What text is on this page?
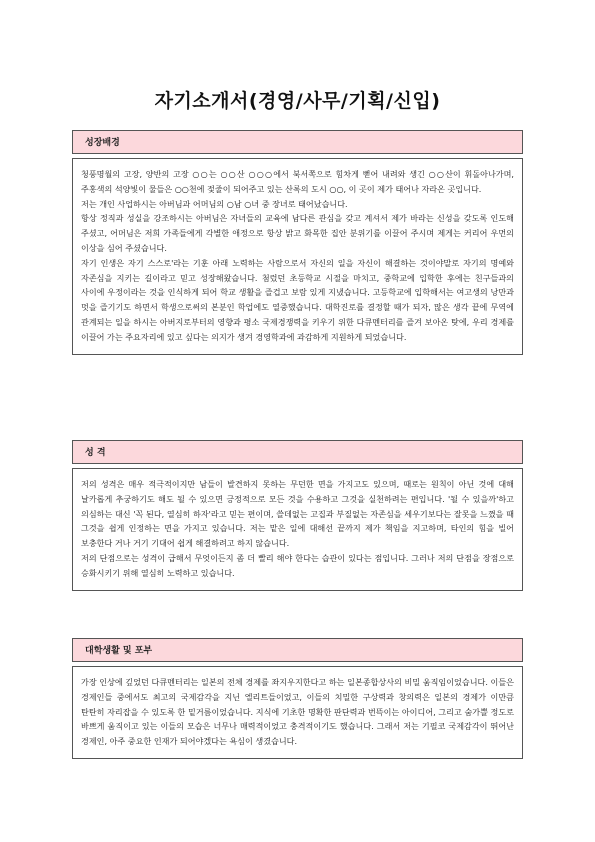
자기소개서(경영/사무/기획/신입)
성장배경

청풍명월의 고장, 양반의 고장 ○○는 ○○산 ○○○에서 북서쪽으로 힘차게 뻗어 내려와 생긴 ○○산이 휘돌아나가며, 주홍색의 석양빛이 물들은 ○○천에 젖줄이 되어주고 있는 산록의 도시 ○○, 이 곳이 제가 태어나 자라온 곳입니다.

저는 개인 사업하시는 아버님과 어머님의 ○남 ○녀 중 장녀로 태어났습니다.

항상 정직과 성실을 강조하시는 아버님은 자녀들의 교육에 남다른 관심을 갖고 계셔서 제가 바라는 신성을 갖도록 인도해 주셨고, 어머님은 저희 가족들에게 각별한 애정으로 항상 밝고 화목한 집안 분위기를 이끌어 주시며 제게는 커리어 우먼의 이상을 심어 주셨습니다.

자기 인생은 자기 스스로'라는 기훈 아래 노력하는 사람으로서 자신의 일을 자신이 해결하는 것이야말로 자기의 명예와 자존심을 지키는 길이라고 믿고 성장해왔습니다. 첨렀던 초등학교 시절을 마치고, 중학교에 입학한 후에는 친구들과의 사이에 우정이라는 것을 인식하게 되어 학교 생활을 즐겁고 보람 있게 지냈습니다. 고등학교에 입학해서는 여고생의 낭만과 멋을 즐기기도 하면서 학생으로써의 본분인 학업에도 열중했습니다. 대학진로를 결정할 때가 되자, 많은 생각 끝에 무역에 관계되는 일을 하시는 아버지로부터의 영향과 평소 국제경쟁력을 키우기 위한 다큐멘터리를 즐겨 보아온 탓에, 우리 경제를 이끌어 가는 주요자리에 있고 싶다는 의지가 생겨 경영학과에 과감하게 지원하게 되었습니다.

성 격

저의 성격은 매우 적극적이지만 남들이 발견하지 못하는 무던한 면을 가지고도 있으며, 때로는 원칙이 아닌 것에 대해 날카롭게 추궁하기도 해도 될 수 있으면 긍정적으로 모든 것을 수용하고 그것을 실천하려는 편입니다. '될 수 있을까'하고 의심하는 대신 '꼭 된다, 열심히 하자'라고 믿는 편이며, 쓸데없는 고집과 부질없는 자존심을 세우기보다는 잘못을 느꼈을 때 그것을 쉽게 인정하는 면을 가지고 있습니다. 저는 맡은 일에 대해선 끝까지 제가 책임을 지고하며, 타인의 힘을 빌어 보충한다 거나 거기 기대어 쉽게 해결하려고 하지 않습니다.

저의 단점으로는 성격이 급해서 무엇이든지 좀 더 빨리 해야 한다는 습관이 있다는 점입니다. 그러나 저의 단점을 장점으로 승화시키기 위해 열심히 노력하고 있습니다.

대학생활 및 포부

가장 인상에 깊었던 다큐멘터리는 일본의 전체 경제를 좌지우지한다고 하는 일본종합상사의 비밀 움직임이었습니다. 이들은 경제인들 중에서도 최고의 국제감각을 지닌 엘리트들이었고, 이들의 치밀한 구상력과 창의력은 일본의 경제가 이만큼 탄탄히 자리잡을 수 있도록 한 밑거름이었습니다. 지식에 기초한 명확한 판단력과 번뜩이는 아이디어, 그리고 숨가쁠 정도로 바쁘게 움직이고 있는 이들의 모습은 너무나 매력적이었고 충격적이기도 했습니다. 그래서 저는 기필코 국제감각이 뛰어난 경제인, 아주 중요한 인재가 되어야겠다는 욕심이 생겼습니다.
